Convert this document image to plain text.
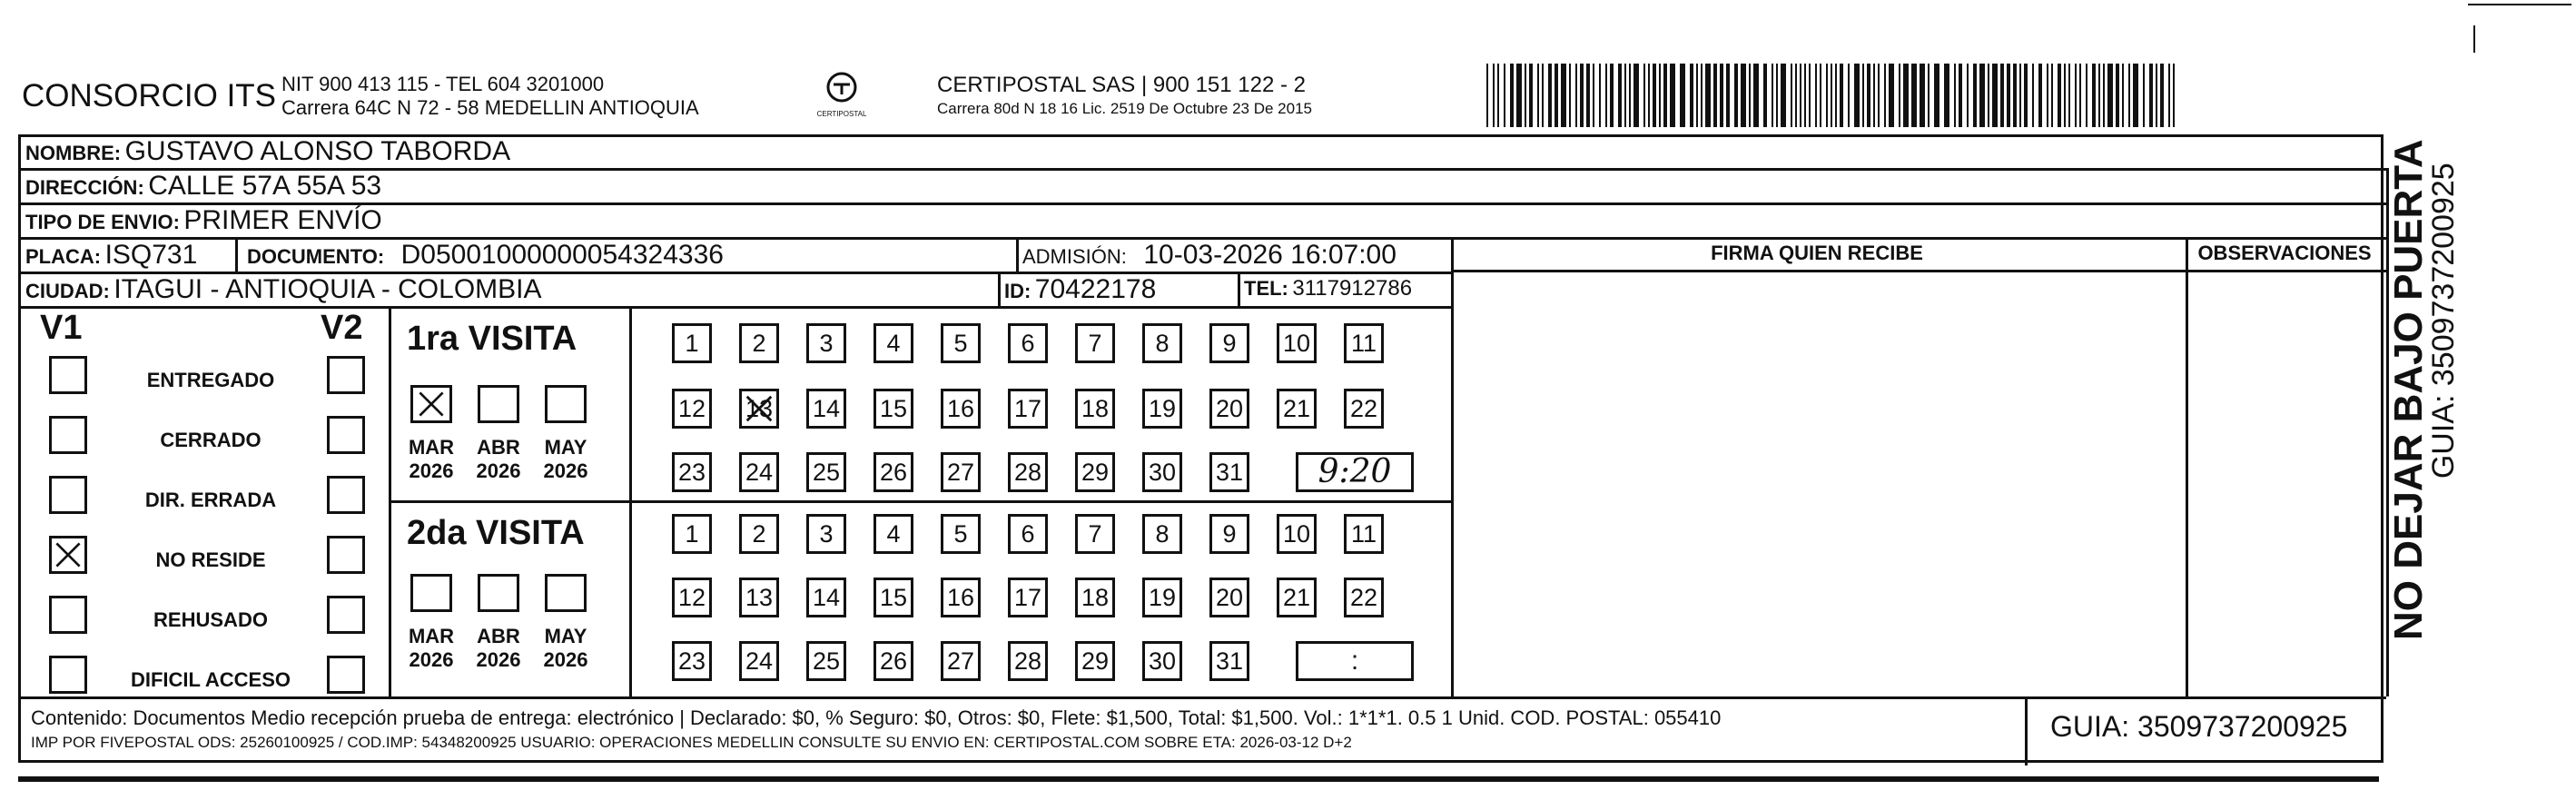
CONSORCIO ITS NIT 900 413 115 - TEL 604 3201000
Carrera 64C N 72 - 58 MEDELLIN ANTIOQUIA	CERTIPOSTAL
CERTIPOSTAL SAS | 900 151 122 - 2
Carrera 80d N 18 16 Lic. 2519 De Octubre 23 De 2015
NOMBRE: GUSTAVO ALONSO TABORDA
DIRECCIÓN: CALLE 57A 55A 53
TIPO DE ENVIO: PRIMER ENVÍO
PLACA: ISQ731 DOCUMENTO: D05001000000054324336	ADMISIÓN: 10-03-2026 16:07:00
CIUDAD: ITAGUI - ANTIOQUIA - COLOMBIA	ID: 70422178	TEL: 3117912786
FIRMA QUIEN RECIBE	OBSERVACIONES
V1	V2
ENTREGADO
CERRADO
DIR. ERRADA
NO RESIDE
REHUSADO
DIFICIL ACCESO
1ra VISITA
MAR
2026
ABR
2026
MAY
2026
1	2	3	4	5	6	7	8	9	10 11
12 13 14 15 16 17 18 19 20 21 22
23 24 25 26 27 28 29 30 31	9:20
2da VISITA
MAR
2026
ABR
2026
MAY
2026
1	2	3	4	5	6	7	8	9	10 11
12 13 14 15 16 17 18 19 20 21 22
23 24 25 26 27 28 29 30 31	:
Contenido: Documentos Medio recepción prueba de entrega: electrónico | Declarado: $0, % Seguro: $0, Otros: $0, Flete: $1,500, Total: $1,500. Vol.: 1*1*1. 0.5 1 Unid. COD. POSTAL: 055410
IMP POR FIVEPOSTAL ODS: 25260100925 / COD.IMP: 54348200925 USUARIO: OPERACIONES MEDELLIN CONSULTE SU ENVIO EN: CERTIPOSTAL.COM SOBRE ETA: 2026-03-12 D+2	GUIA: 3509737200925
NO DEJAR BAJO PUERTA
GUIA: 3509737200925
